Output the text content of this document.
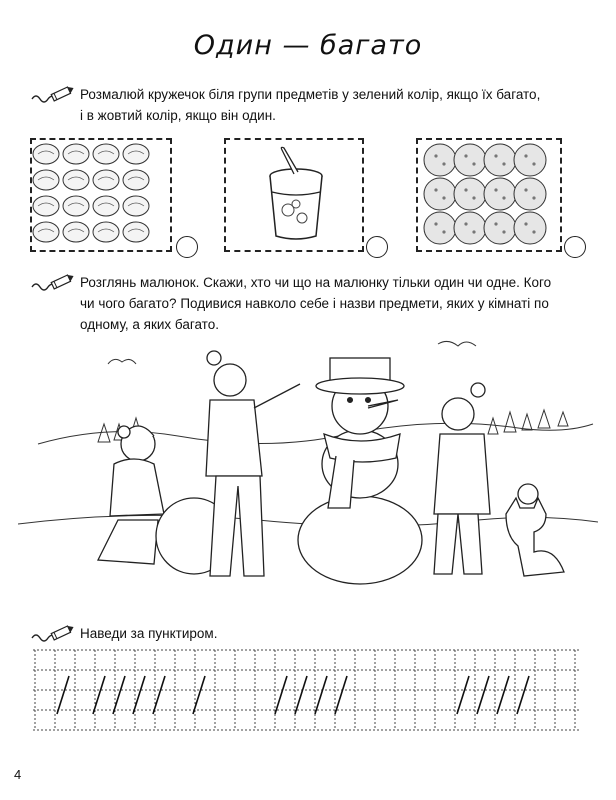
Один — багато
Розмалюй кружечок біля групи предметів у зелений колір, якщо їх багато,
і в жовтий колір, якщо він один.
Розглянь малюнок. Скажи, хто чи що на малюнку тільки один чи одне. Кого
чи чого багато? Подивися навколо себе і назви предмети, яких у кімнаті по
одному, а яких багато.
Наведи за пунктиром.
4
